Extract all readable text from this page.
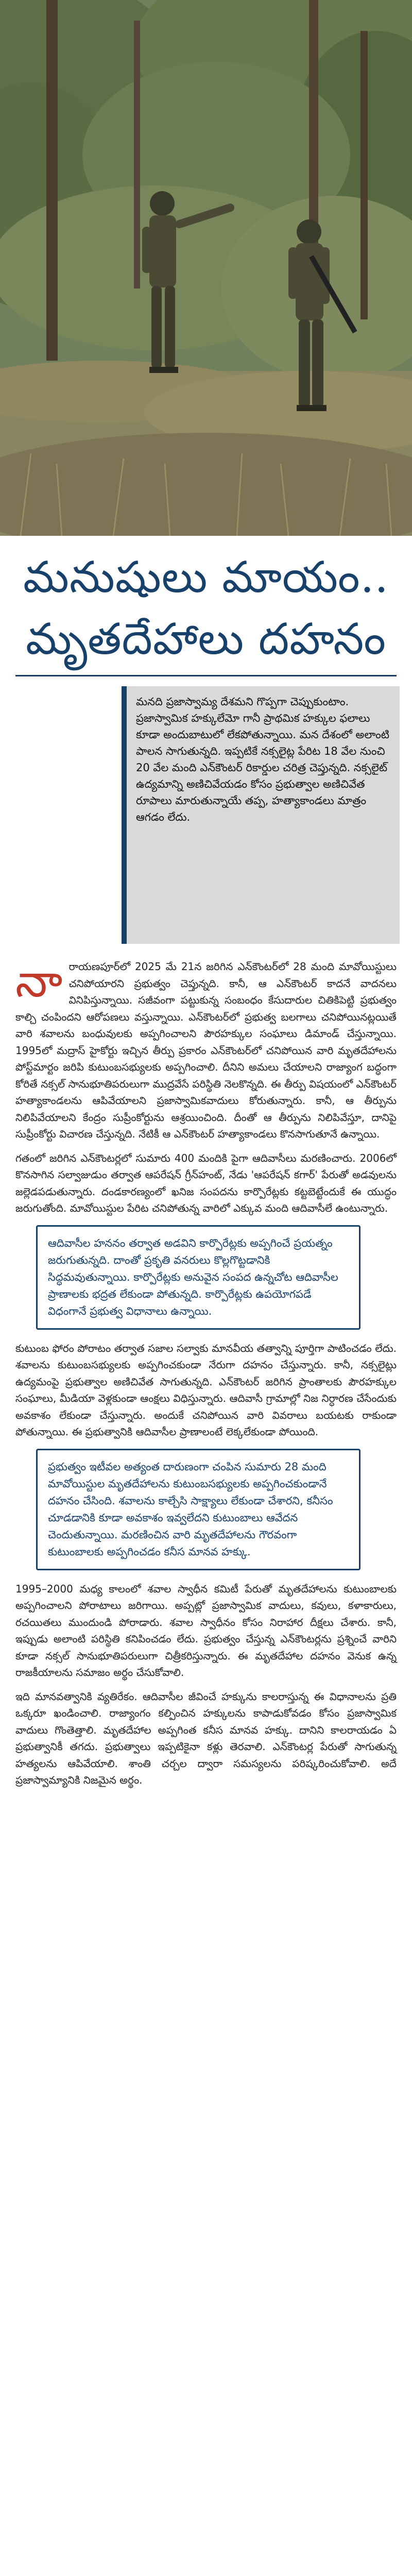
మనుషులు మాయం..
మృతదేహాలు దహనం

మనది ప్రజాస్వామ్య దేశమని గొప్పగా చెప్పుకుంటాం. ప్రజాస్వామిక హక్కులేమో గానీ ప్రాథమిక హక్కుల ఫలాలు కూడా అందుబాటులో లేకపోతున్నాయి. మన దేశంలో అలాంటి పాలన సాగుతున్నది. ఇప్పటికే నక్సలైట్ల పేరిట 18 వేల నుంచి 20 వేల మంది ఎన్‌కౌంటర్ రికార్డుల చరిత్ర చెప్తున్నది. నక్సలైట్ ఉద్యమాన్ని అణిచివేయడం కోసం ప్రభుత్వాల అణిచివేత రూపాలు మారుతున్నాయే తప్ప, హత్యాకాండలు మాత్రం ఆగడం లేదు.

నారాయణపూర్‌లో 2025 మే 21న జరిగిన ఎన్‌కౌంటర్‌లో 28 మంది మావోయిస్టులు చనిపోయారని ప్రభుత్వం చెప్తున్నది. కానీ, ఆ ఎన్‌కౌంటర్ కాదనే వాదనలు వినిపిస్తున్నాయి. సజీవంగా పట్టుకున్న సంబంధం కేసుదారుల చితికిపెట్టి ప్రభుత్వం కాల్చి చంపిందని ఆరోపణలు వస్తున్నాయి. ఎన్‌కౌంటర్‌లో ప్రభుత్వ బలగాలు చనిపోయినట్లయితే వారి శవాలను బంధువులకు అప్పగించాలని పౌరహక్కుల సంఘాలు డిమాండ్ చేస్తున్నాయి. 1995లో మద్రాస్ హైకోర్టు ఇచ్చిన తీర్పు ప్రకారం ఎన్‌కౌంటర్‌లో చనిపోయిన వారి మృతదేహాలను పోస్ట్‌మార్టం జరిపి కుటుంబసభ్యులకు అప్పగించాలి. దీనిని అమలు చేయాలని రాజ్యాంగ బద్ధంగా కోరితే నక్సల్ సానుభూతిపరులుగా ముద్రవేసే పరిస్థితి నెలకొన్నది. ఈ తీర్పు విషయంలో ఎన్‌కౌంటర్ హత్యాకాండలను ఆపివేయాలని ప్రజాస్వామికవాదులు కోరుతున్నారు. కానీ, ఆ తీర్పును నిలిపివేయాలని కేంద్రం సుప్రీంకోర్టును ఆశ్రయించింది. దీంతో ఆ తీర్పును నిలిపివేస్తూ, దానిపై సుప్రీంకోర్టు విచారణ చేస్తున్నది. నేటికీ ఆ ఎన్‌కౌంటర్ హత్యాకాండలు కొనసాగుతూనే ఉన్నాయి.

గతంలో జరిగిన ఎన్‌కౌంటర్లలో సుమారు 400 మందికి పైగా ఆదివాసీలు మరణించారు. 2006లో కొనసాగిన సల్వాజుడుం తర్వాత ఆపరేషన్ గ్రీన్‌హంట్, నేడు 'ఆపరేషన్ కగార్' పేరుతో అడవులను జల్లెడపడుతున్నారు. దండకారణ్యంలో ఖనిజ సంపదను కార్పొరేట్లకు కట్టబెట్టేందుకే ఈ యుద్ధం జరుగుతోంది. మావోయిస్టుల పేరిట చనిపోతున్న వారిలో ఎక్కువ మంది ఆదివాసీలే ఉంటున్నారు.

ఆదివాసీల హననం తర్వాత అడవిని కార్పొరేట్లకు అప్పగించే ప్రయత్నం జరుగుతున్నది. దాంతో ప్రకృతి వనరులు కొల్లగొట్టడానికి సిద్ధమవుతున్నాయి. కార్పొరేట్లకు అనువైన సంపద ఉన్నచోట ఆదివాసీల ప్రాణాలకు భద్రత లేకుండా పోతున్నది. కార్పొరేట్లకు ఉపయోగపడే విధంగానే ప్రభుత్వ విధానాలు ఉన్నాయి.

కుటుంబ ఫోరం పోరాటం తర్వాత సజాల సల్వాకు మానవీయ తత్వాన్ని పూర్తిగా పాటించడం లేదు. శవాలను కుటుంబసభ్యులకు అప్పగించకుండా నేరుగా దహనం చేస్తున్నారు. కానీ, నక్సలైట్లు ఉద్యమంపై ప్రభుత్వాల అణిచివేత సాగుతున్నది. ఎన్‌కౌంటర్ జరిగిన ప్రాంతాలకు పౌరహక్కుల సంఘాలు, మీడియా వెళ్లకుండా ఆంక్షలు విధిస్తున్నారు. ఆదివాసీ గ్రామాల్లో నిజ నిర్ధారణ చేసేందుకు అవకాశం లేకుండా చేస్తున్నారు. అందుకే చనిపోయిన వారి వివరాలు బయటకు రాకుండా పోతున్నాయి. ఈ ప్రభుత్వానికి ఆదివాసీల ప్రాణాలంటే లెక్కలేకుండా పోయింది.

ప్రభుత్వం ఇటీవల అత్యంత దారుణంగా చంపిన సుమారు 28 మంది మావోయిస్టుల మృతదేహాలను కుటుంబసభ్యులకు అప్పగించకుండానే దహనం చేసింది. శవాలను కాల్చేసి సాక్ష్యాలు లేకుండా చేశారని, కనీసం చూడడానికి కూడా అవకాశం ఇవ్వలేదని కుటుంబాలు ఆవేదన చెందుతున్నాయి. మరణించిన వారి మృతదేహాలను గౌరవంగా కుటుంబాలకు అప్పగించడం కనీస మానవ హక్కు.

1995–2000 మధ్య కాలంలో శవాల స్వాధీన కమిటీ పేరుతో మృతదేహాలను కుటుంబాలకు అప్పగించాలని పోరాటాలు జరిగాయి. అప్పట్లో ప్రజాస్వామిక వాదులు, కవులు, కళాకారులు, రచయితలు ముందుండి పోరాడారు. శవాల స్వాధీనం కోసం నిరాహార దీక్షలు చేశారు. కానీ, ఇప్పుడు అలాంటి పరిస్థితి కనిపించడం లేదు. ప్రభుత్వం చేస్తున్న ఎన్‌కౌంటర్లను ప్రశ్నించే వారిని కూడా నక్సల్ సానుభూతిపరులుగా చిత్రీకరిస్తున్నారు. ఈ మృతదేహాల దహనం వెనుక ఉన్న రాజకీయాలను సమాజం అర్థం చేసుకోవాలి.

ఇది మానవత్వానికి వ్యతిరేకం. ఆదివాసీల జీవించే హక్కును కాలరాస్తున్న ఈ విధానాలను ప్రతి ఒక్కరూ ఖండించాలి. రాజ్యాంగం కల్పించిన హక్కులను కాపాడుకోవడం కోసం ప్రజాస్వామిక వాదులు గొంతెత్తాలి. మృతదేహాల అప్పగింత కనీస మానవ హక్కు. దానిని కాలరాయడం ఏ ప్రభుత్వానికీ తగదు. ప్రభుత్వాలు ఇప్పటికైనా కళ్లు తెరవాలి. ఎన్‌కౌంటర్ల పేరుతో సాగుతున్న హత్యలను ఆపివేయాలి. శాంతి చర్చల ద్వారా సమస్యలను పరిష్కరించుకోవాలి. అదే ప్రజాస్వామ్యానికి నిజమైన అర్థం.
